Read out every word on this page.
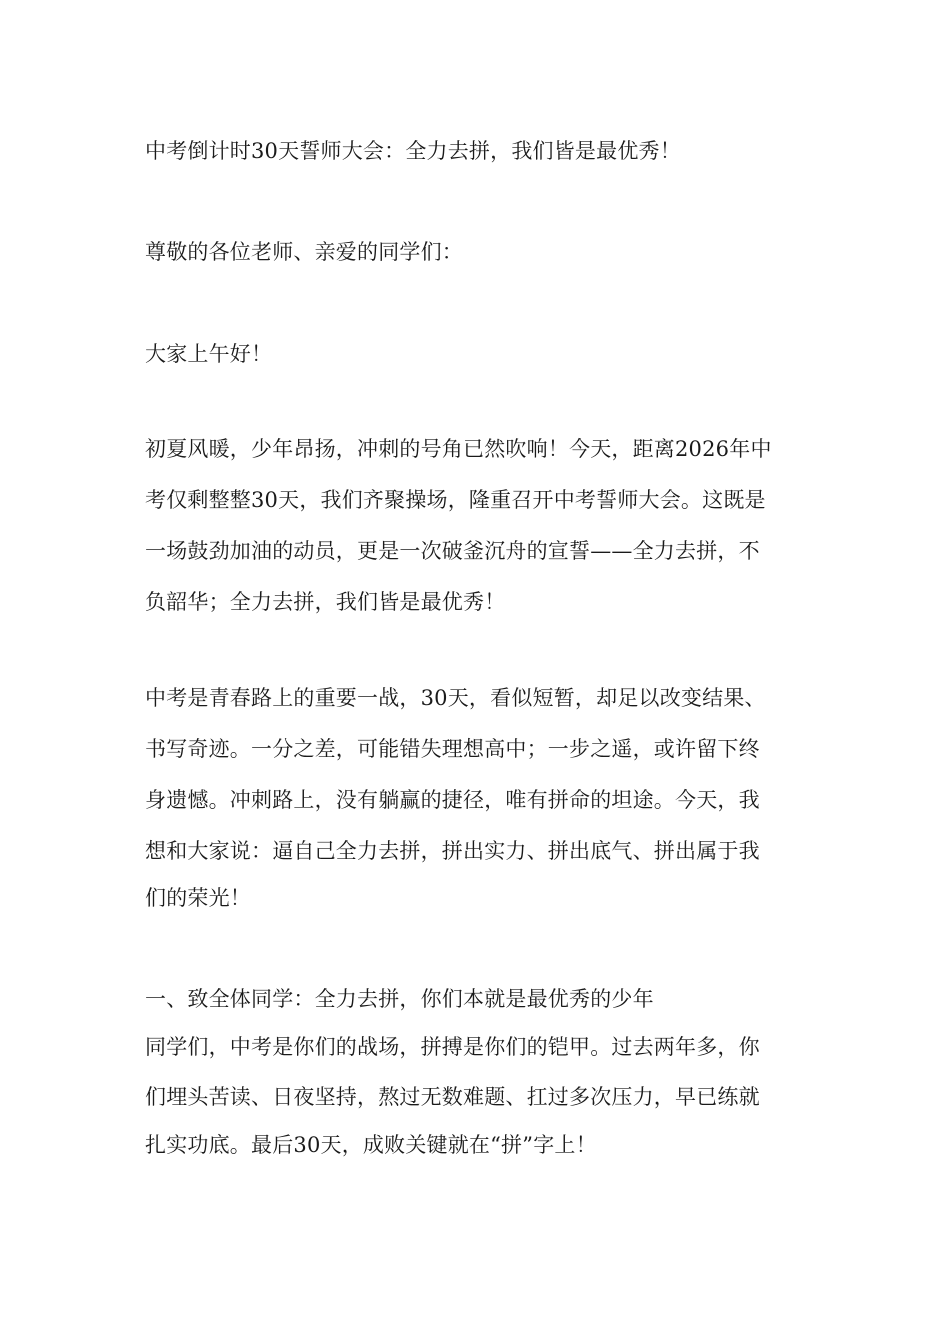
中考倒计时30天誓师大会：全力去拼，我们皆是最优秀！
尊敬的各位老师、亲爱的同学们：
大家上午好！
初夏风暖，少年昂扬，冲刺的号角已然吹响！今天，距离2026年中
考仅剩整整30天，我们齐聚操场，隆重召开中考誓师大会。这既是
一场鼓劲加油的动员，更是一次破釜沉舟的宣誓——全力去拼，不
负韶华；全力去拼，我们皆是最优秀！
中考是青春路上的重要一战，30天，看似短暂，却足以改变结果、
书写奇迹。一分之差，可能错失理想高中；一步之遥，或许留下终
身遗憾。冲刺路上，没有躺赢的捷径，唯有拼命的坦途。今天，我
想和大家说：逼自己全力去拼，拼出实力、拼出底气、拼出属于我
们的荣光！
一、致全体同学：全力去拼，你们本就是最优秀的少年
同学们，中考是你们的战场，拼搏是你们的铠甲。过去两年多，你
们埋头苦读、日夜坚持，熬过无数难题、扛过多次压力，早已练就
扎实功底。最后30天，成败关键就在“拼”字上！
